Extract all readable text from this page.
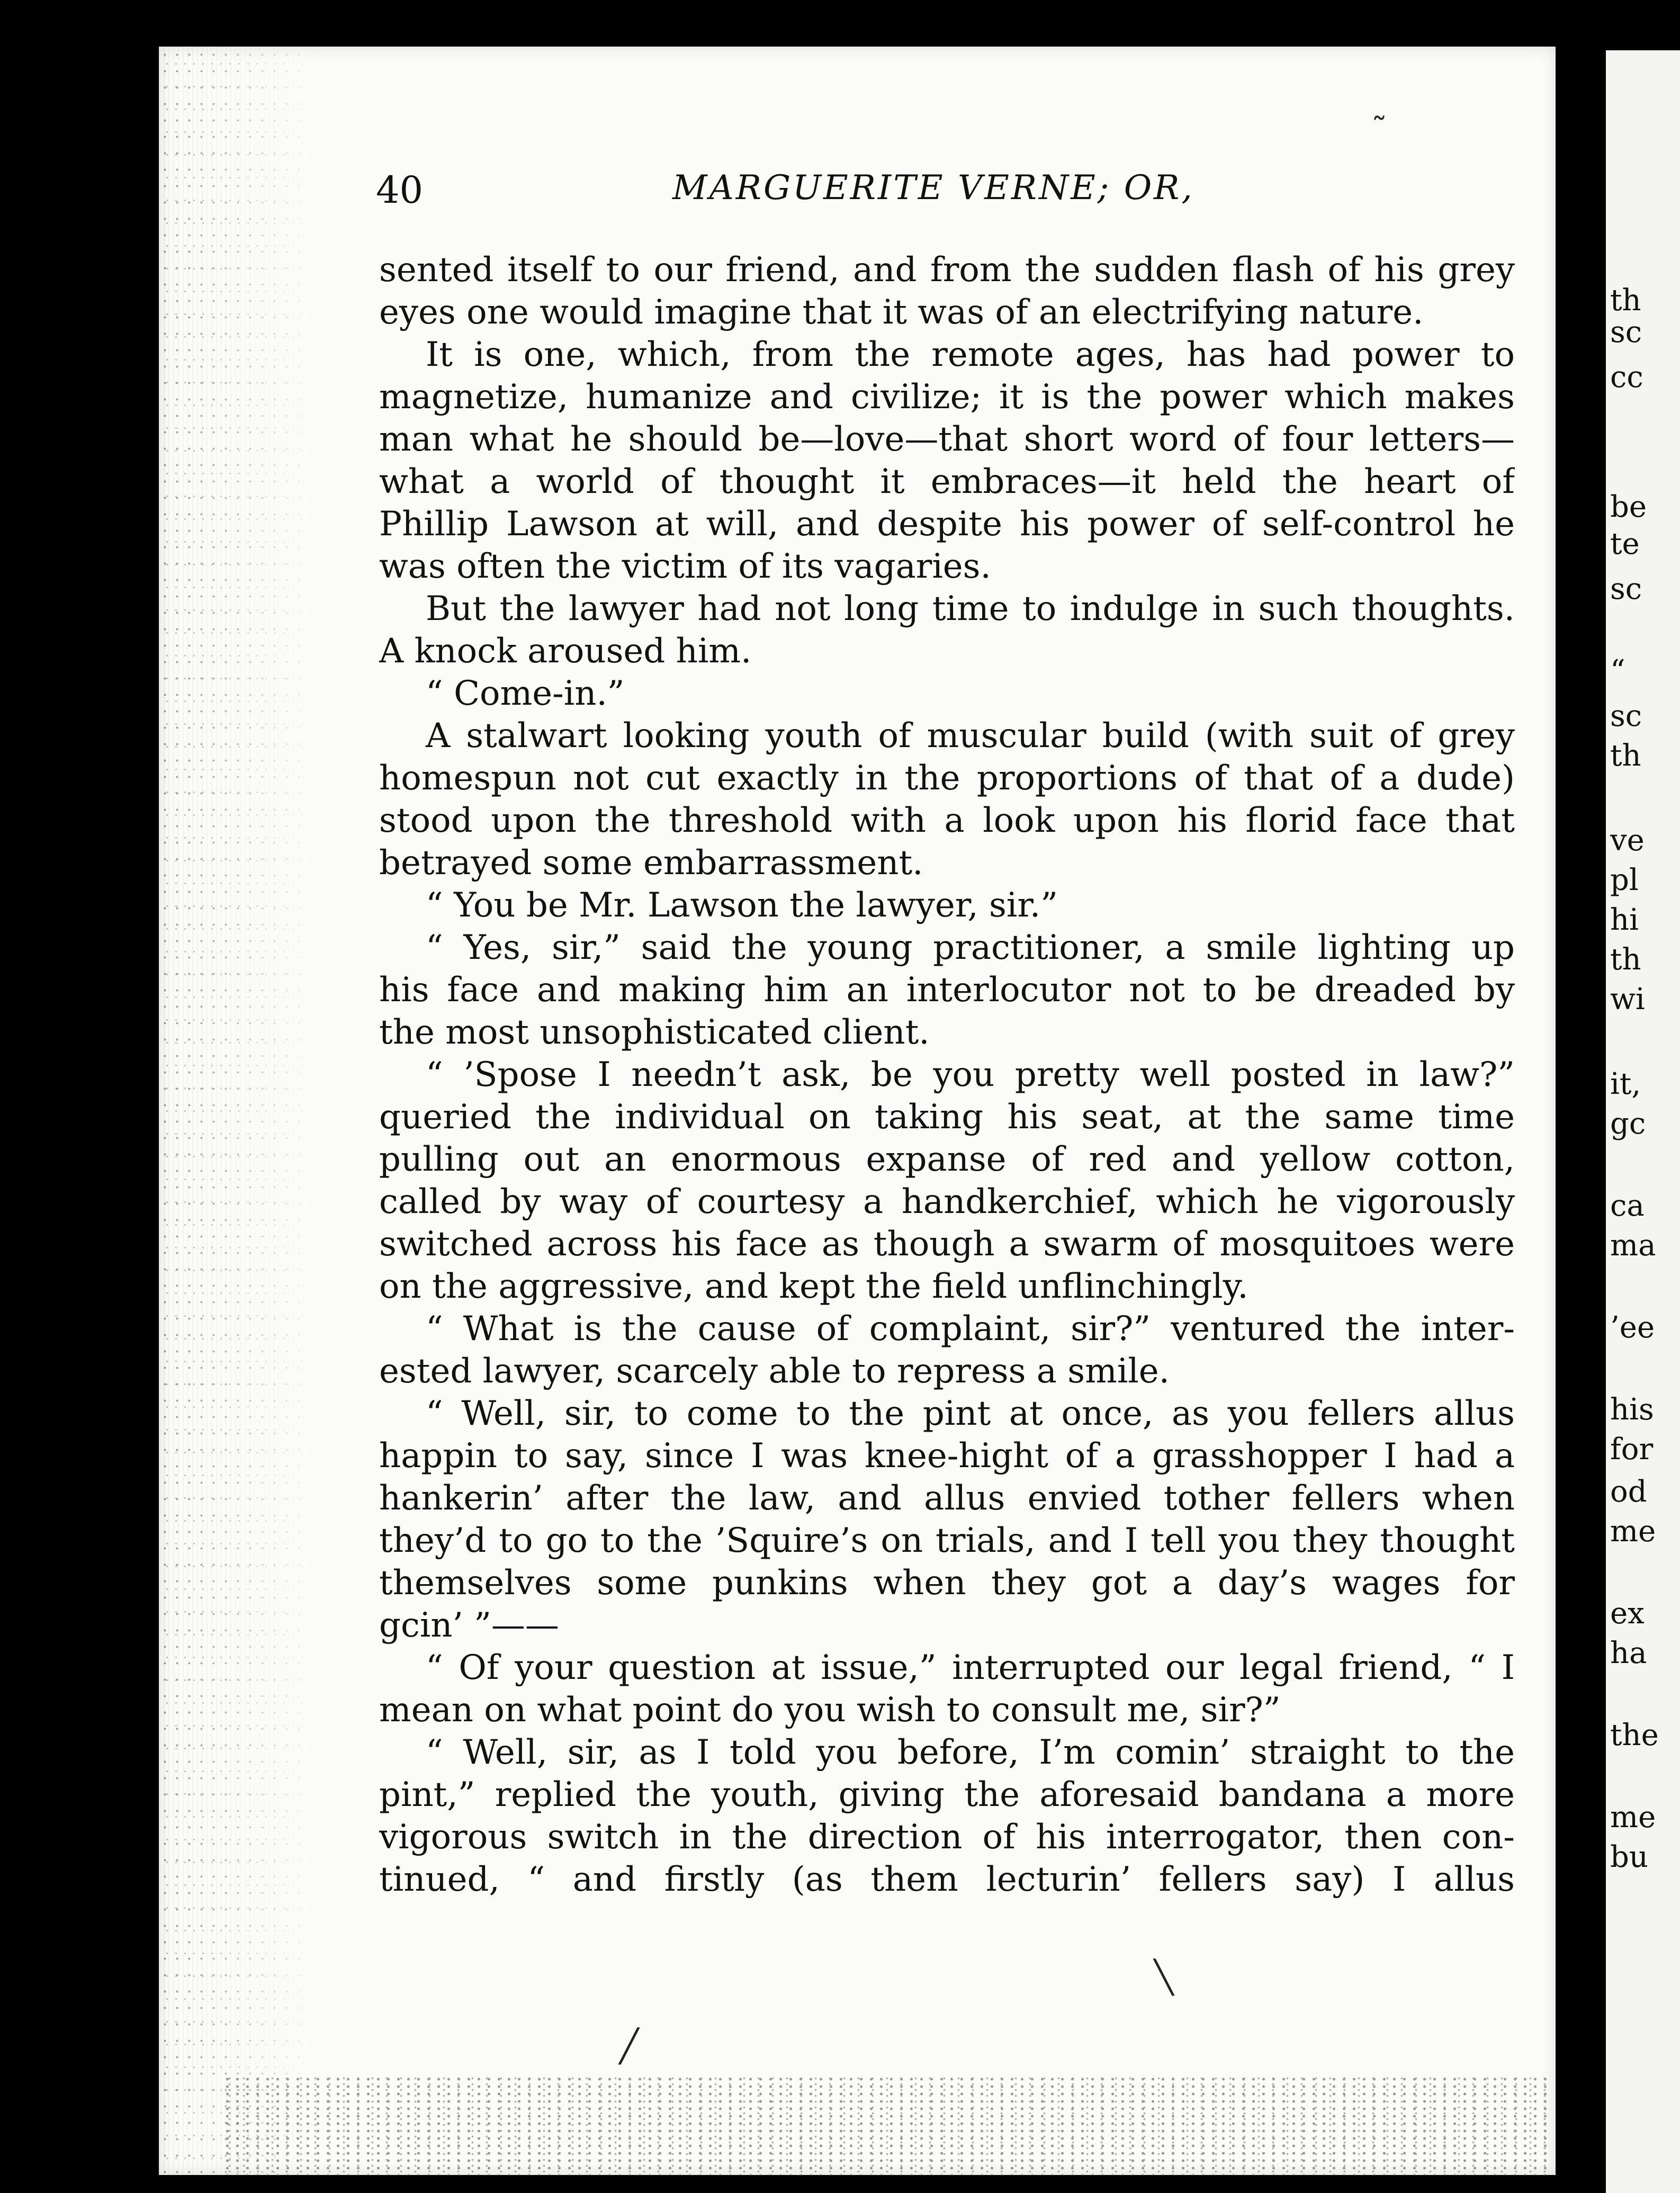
th
sc
cc
be
te
sc
“
sc
th
ve
pl
hi
th
wi
it,
gc
ca
ma
’ee
his
for
od
me
ex
ha
the
me
bu
40	MARGUERITE VERNE; OR,
sented itself to our friend, and from the sudden flash of his grey
eyes one would imagine that it was of an electrifying nature.
It is one, which, from the remote ages, has had power to
magnetize, humanize and civilize; it is the power which makes
man what he should be—love—that short word of four letters—
what a world of thought it embraces—it held the heart of
Phillip Lawson at will, and despite his power of self-control he
was often the victim of its vagaries.
But the lawyer had not long time to indulge in such thoughts.
A knock aroused him.
“ Come-in.”
A stalwart looking youth of muscular build (with suit of grey
homespun not cut exactly in the proportions of that of a dude)
stood upon the threshold with a look upon his florid face that
betrayed some embarrassment.
“ You be Mr. Lawson the lawyer, sir.”
“ Yes, sir,” said the young practitioner, a smile lighting up
his face and making him an interlocutor not to be dreaded by
the most unsophisticated client.
“ ’Spose I needn’t ask, be you pretty well posted in law?”
queried the individual on taking his seat, at the same time
pulling out an enormous expanse of red and yellow cotton,
called by way of courtesy a handkerchief, which he vigorously
switched across his face as though a swarm of mosquitoes were
on the aggressive, and kept the field unflinchingly.
“ What is the cause of complaint, sir?” ventured the inter-
ested lawyer, scarcely able to repress a smile.
“ Well, sir, to come to the pint at once, as you fellers allus
happin to say, since I was knee-hight of a grasshopper I had a
hankerin’ after the law, and allus envied tother fellers when
they’d to go to the ’Squire’s on trials, and I tell you they thought
themselves some punkins when they got a day’s wages for
gcin’ ”——
“ Of your question at issue,” interrupted our legal friend, “ I
mean on what point do you wish to consult me, sir?”
“ Well, sir, as I told you before, I’m comin’ straight to the
pint,” replied the youth, giving the aforesaid bandana a more
vigorous switch in the direction of his interrogator, then con-
tinued, “ and firstly (as them lecturin’ fellers say) I allus
˷
╲
╱
